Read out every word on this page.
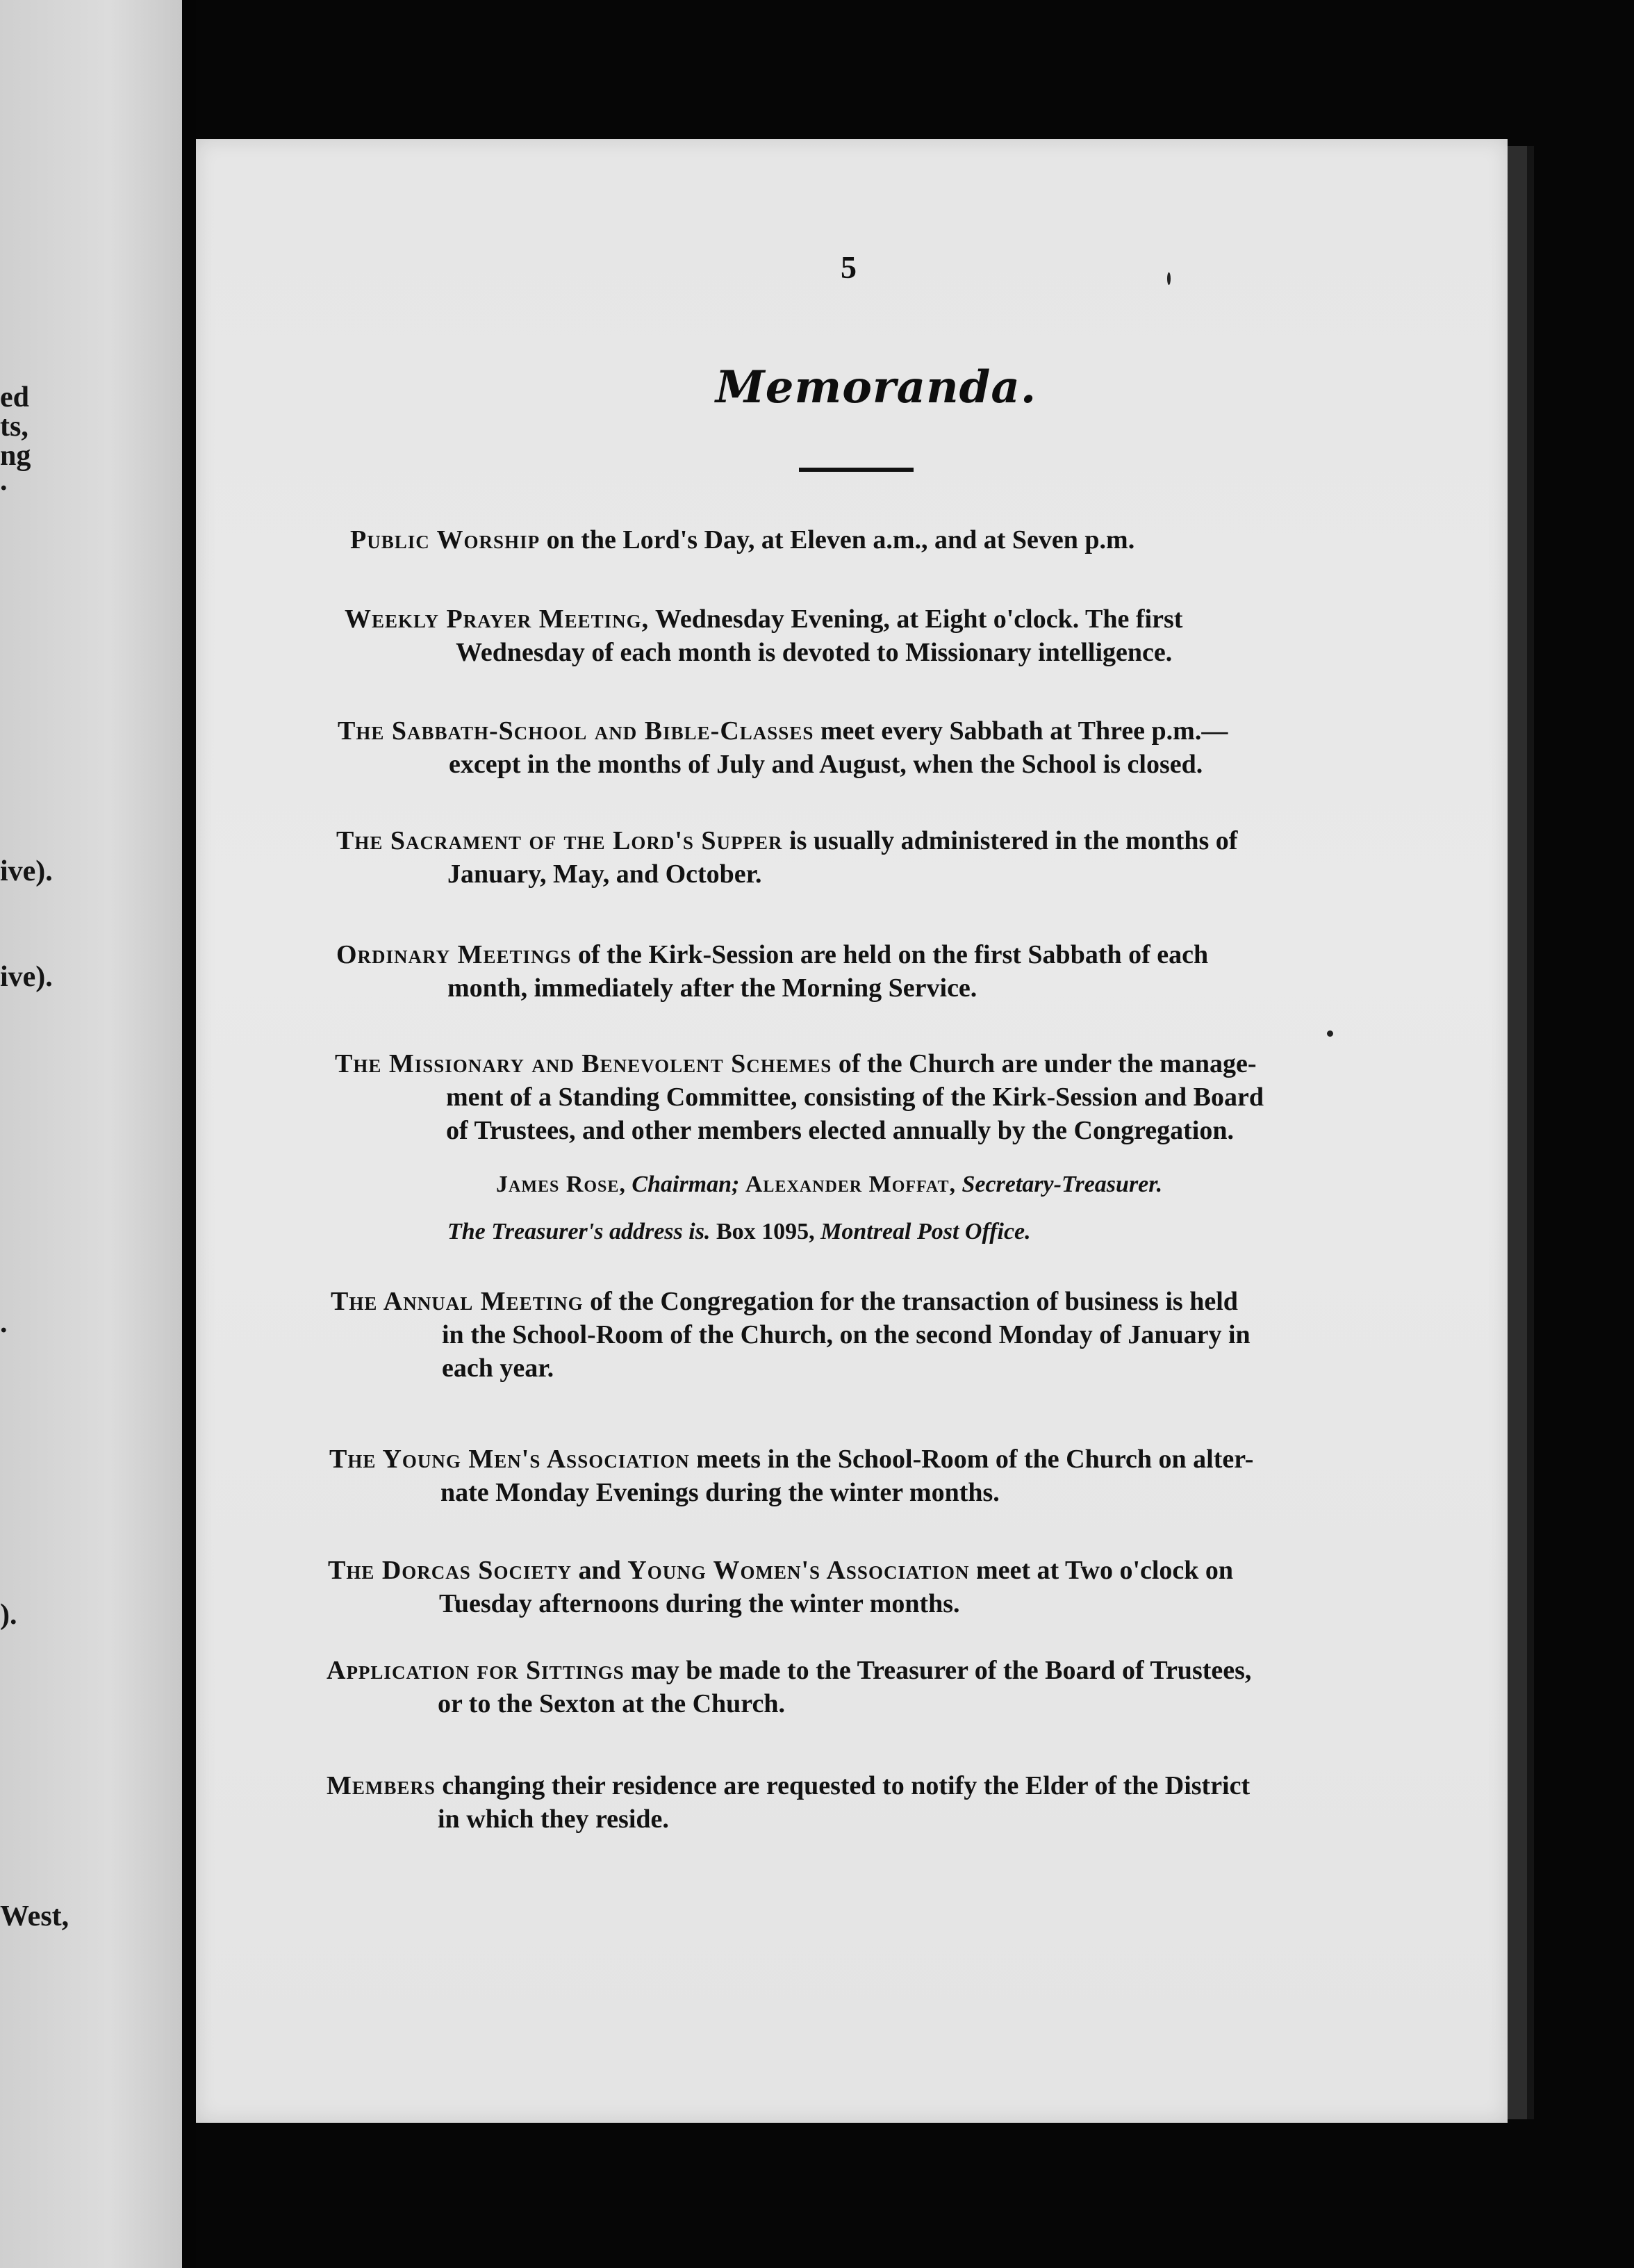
ed
ts,
ng
.
ive).
ive).
.
).
West,
5
Memoranda.
Public Worship on the Lord's Day, at Eleven a.m., and at Seven p.m.
Weekly Prayer Meeting, Wednesday Evening, at Eight o'clock. The first
Wednesday of each month is devoted to Missionary intelligence.
The Sabbath-School and Bible-Classes meet every Sabbath at Three p.m.—
except in the months of July and August, when the School is closed.
The Sacrament of the Lord's Supper is usually administered in the months of
January, May, and October.
Ordinary Meetings of the Kirk-Session are held on the first Sabbath of each
month, immediately after the Morning Service.
The Missionary and Benevolent Schemes of the Church are under the manage-
ment of a Standing Committee, consisting of the Kirk-Session and Board
of Trustees, and other members elected annually by the Congregation.
James Rose, Chairman; Alexander Moffat, Secretary-Treasurer.
The Treasurer's address is. Box 1095, Montreal Post Office.
The Annual Meeting of the Congregation for the transaction of business is held
in the School-Room of the Church, on the second Monday of January in
each year.
The Young Men's Association meets in the School-Room of the Church on alter-
nate Monday Evenings during the winter months.
The Dorcas Society and Young Women's Association meet at Two o'clock on
Tuesday afternoons during the winter months.
Application for Sittings may be made to the Treasurer of the Board of Trustees,
or to the Sexton at the Church.
Members changing their residence are requested to notify the Elder of the District
in which they reside.
